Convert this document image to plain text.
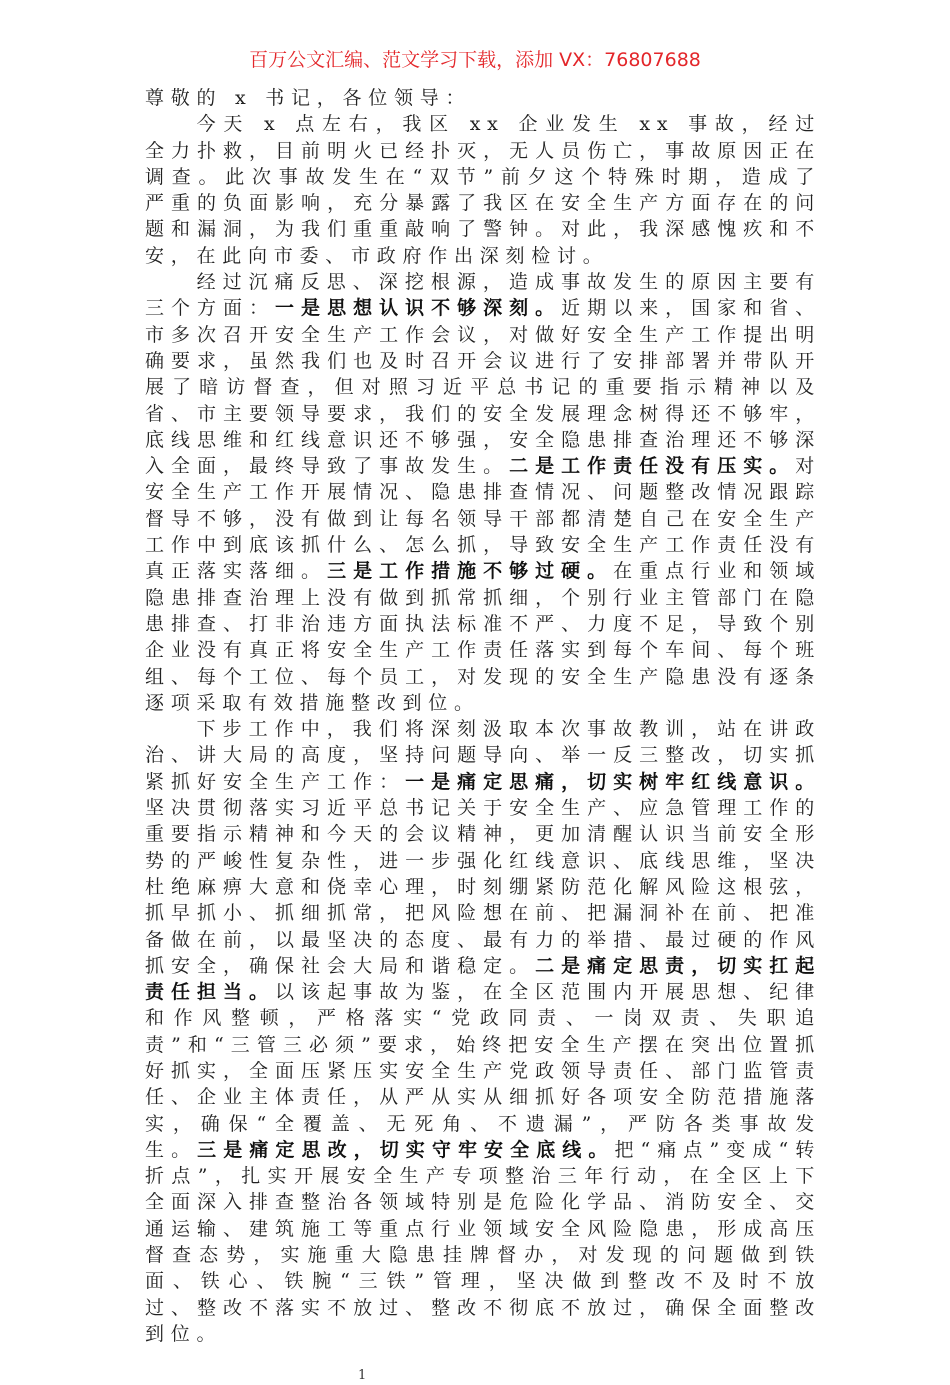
百万公文汇编、范文学习下载，添加 VX：76807688

尊敬的 x 书记，各位领导：

今天 x 点左右，我区 xx 企业发生 xx 事故，经过全力扑救，目前明火已经扑灭，无人员伤亡，事故原因正在调查。此次事故发生在“双节”前夕这个特殊时期，造成了严重的负面影响，充分暴露了我区在安全生产方面存在的问题和漏洞，为我们重重敲响了警钟。对此，我深感愧疚和不安，在此向市委、市政府作出深刻检讨。

经过沉痛反思、深挖根源，造成事故发生的原因主要有三个方面：一是思想认识不够深刻。近期以来，国家和省、市多次召开安全生产工作会议，对做好安全生产工作提出明确要求，虽然我们也及时召开会议进行了安排部署并带队开展了暗访督查，但对照习近平总书记的重要指示精神以及省、市主要领导要求，我们的安全发展理念树得还不够牢，底线思维和红线意识还不够强，安全隐患排查治理还不够深入全面，最终导致了事故发生。二是工作责任没有压实。对安全生产工作开展情况、隐患排查情况、问题整改情况跟踪督导不够，没有做到让每名领导干部都清楚自己在安全生产工作中到底该抓什么、怎么抓，导致安全生产工作责任没有真正落实落细。三是工作措施不够过硬。在重点行业和领域隐患排查治理上没有做到抓常抓细，个别行业主管部门在隐患排查、打非治违方面执法标准不严、力度不足，导致个别企业没有真正将安全生产工作责任落实到每个车间、每个班组、每个工位、每个员工，对发现的安全生产隐患没有逐条逐项采取有效措施整改到位。

下步工作中，我们将深刻汲取本次事故教训，站在讲政治、讲大局的高度，坚持问题导向、举一反三整改，切实抓紧抓好安全生产工作：一是痛定思痛，切实树牢红线意识。坚决贯彻落实习近平总书记关于安全生产、应急管理工作的重要指示精神和今天的会议精神，更加清醒认识当前安全形势的严峻性复杂性，进一步强化红线意识、底线思维，坚决杜绝麻痹大意和侥幸心理，时刻绷紧防范化解风险这根弦，抓早抓小、抓细抓常，把风险想在前、把漏洞补在前、把准备做在前，以最坚决的态度、最有力的举措、最过硬的作风抓安全，确保社会大局和谐稳定。二是痛定思责，切实扛起责任担当。以该起事故为鉴，在全区范围内开展思想、纪律和作风整顿，严格落实“党政同责、一岗双责、失职追责”和“三管三必须”要求，始终把安全生产摆在突出位置抓好抓实，全面压紧压实安全生产党政领导责任、部门监管责任、企业主体责任，从严从实从细抓好各项安全防范措施落实，确保“全覆盖、无死角、不遗漏”，严防各类事故发生。三是痛定思改，切实守牢安全底线。把“痛点”变成“转折点”，扎实开展安全生产专项整治三年行动，在全区上下全面深入排查整治各领域特别是危险化学品、消防安全、交通运输、建筑施工等重点行业领域安全风险隐患，形成高压督查态势，实施重大隐患挂牌督办，对发现的问题做到铁面、铁心、铁腕“三铁”管理，坚决做到整改不及时不放过、整改不落实不放过、整改不彻底不放过，确保全面整改到位。

1
